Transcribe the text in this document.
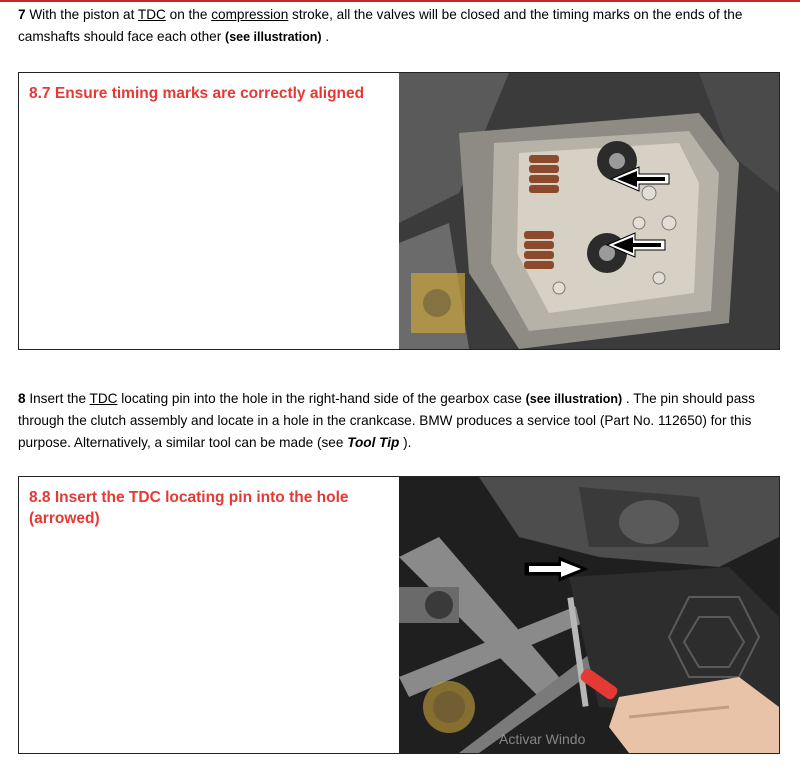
7 With the piston at TDC on the compression stroke, all the valves will be closed and the timing marks on the ends of the camshafts should face each other (see illustration) .
8.7 Ensure timing marks are correctly aligned
8 Insert the TDC locating pin into the hole in the right-hand side of the gearbox case (see illustration) . The pin should pass through the clutch assembly and locate in a hole in the crankcase. BMW produces a service tool (Part No. 112650) for this purpose. Alternatively, a similar tool can be made (see Tool Tip ).
8.8 Insert the TDC locating pin into the hole (arrowed)
Activar Windo
